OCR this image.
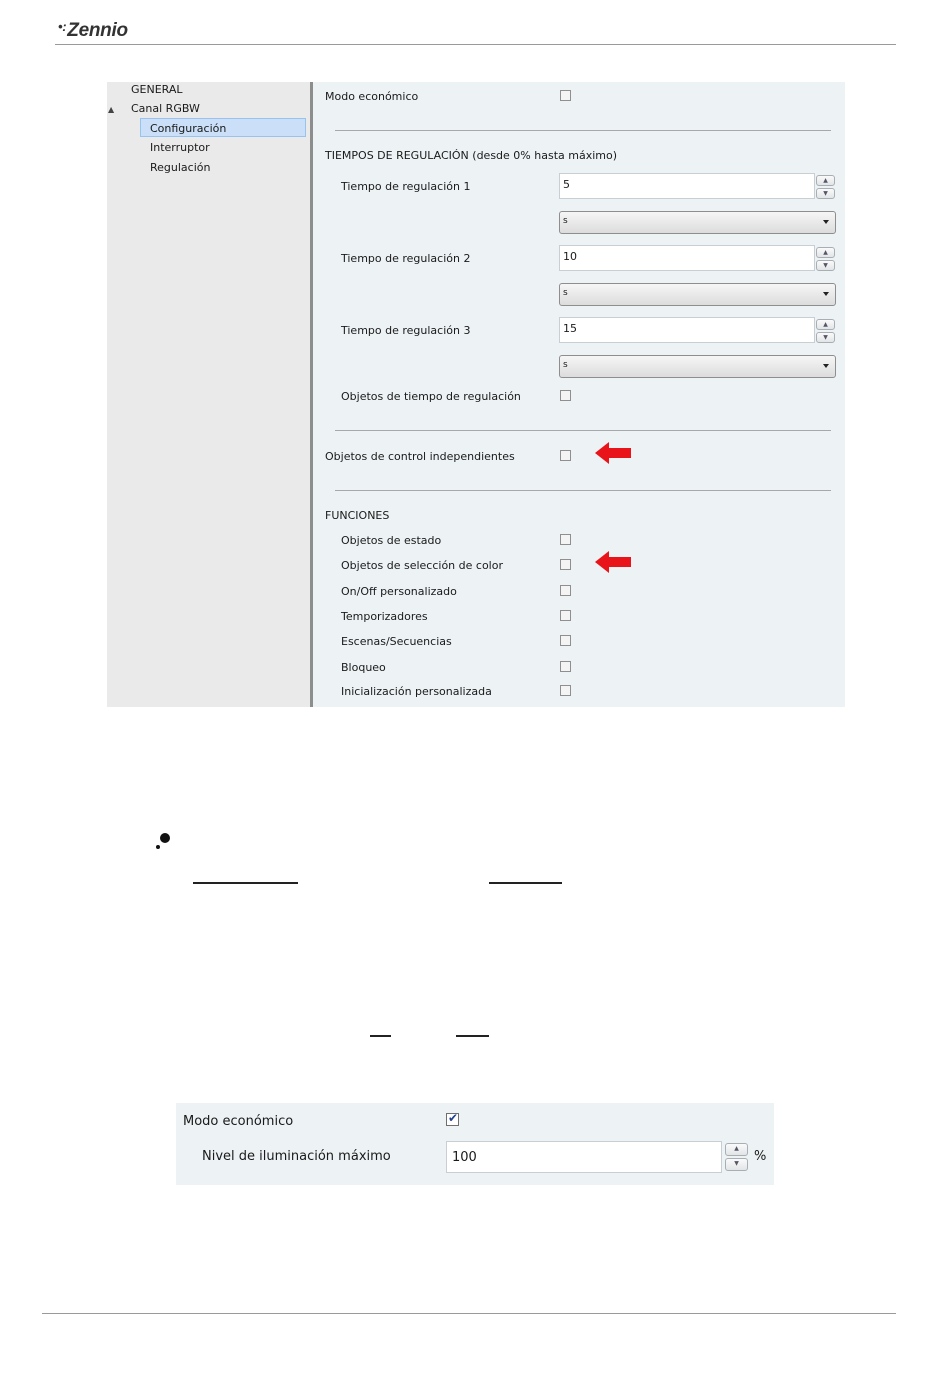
•:Zennio
GENERAL
▲ Canal RGBW
Configuración
Interruptor
Regulación
Modo económico
TIEMPOS DE REGULACIÓN (desde 0% hasta máximo)
Tiempo de regulación 1	5	▲
▼
s
Tiempo de regulación 2	10	▲
▼
s
Tiempo de regulación 3	15	▲
▼
s
Objetos de tiempo de regulación
Objetos de control independientes
FUNCIONES
Objetos de estado
Objetos de selección de color
On/Off personalizado
Temporizadores
Escenas/Secuencias
Bloqueo
Inicialización personalizada
Modo económico	✔
Nivel de iluminación máximo	100
▲
▼	%
